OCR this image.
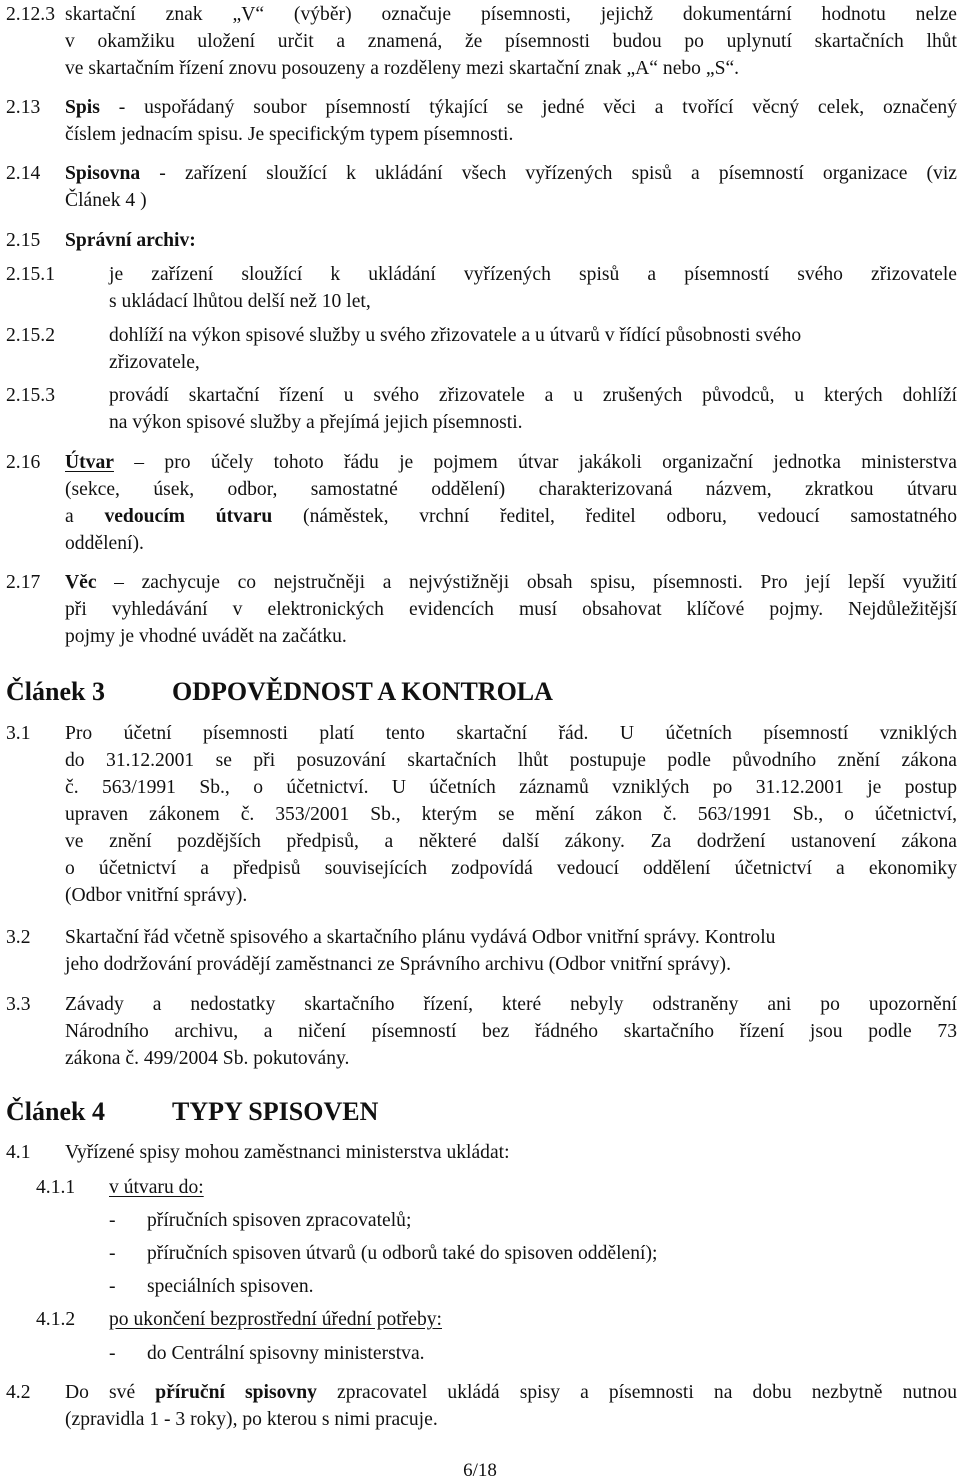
2.12.3 skartační znak „V“ (výběr) označuje písemnosti, jejichž dokumentární hodnotu nelze
v okamžiku uložení určit a znamená, že písemnosti budou po uplynutí skartačních lhůt
ve skartačním řízení znovu posouzeny a rozděleny mezi skartační znak „A“ nebo „S“.
2.13 Spis - uspořádaný soubor písemností týkající se jedné věci a tvořící věcný celek, označený
číslem jednacím spisu. Je specifickým typem písemnosti.
2.14 Spisovna - zařízení sloužící k ukládání všech vyřízených spisů a písemností organizace (viz
Článek 4 )
2.15 Správní archiv:
2.15.1	je zařízení sloužící k ukládání vyřízených spisů a písemností svého zřizovatele
s ukládací lhůtou delší než 10 let,
2.15.2	dohlíží na výkon spisové služby u svého zřizovatele a u útvarů v řídící působnosti svého
zřizovatele,
2.15.3	provádí skartační řízení u svého zřizovatele a u zrušených původců, u kterých dohlíží
na výkon spisové služby a přejímá jejich písemnosti.
2.16 Útvar – pro účely tohoto řádu je pojmem útvar jakákoli organizační jednotka ministerstva
(sekce, úsek, odbor, samostatné oddělení) charakterizovaná názvem, zkratkou útvaru
a vedoucím útvaru (náměstek, vrchní ředitel, ředitel odboru, vedoucí samostatného
oddělení).
2.17 Věc – zachycuje co nejstručněji a nejvýstižněji obsah spisu, písemnosti. Pro její lepší využití
při vyhledávání v elektronických evidencích musí obsahovat klíčové pojmy. Nejdůležitější
pojmy je vhodné uvádět na začátku.
Článek 3	ODPOVĚDNOST A KONTROLA
3.1 Pro účetní písemnosti platí tento skartační řád. U účetních písemností vzniklých
do 31.12.2001 se při posuzování skartačních lhůt postupuje podle původního znění zákona
č. 563/1991 Sb., o účetnictví. U účetních záznamů vzniklých po 31.12.2001 je postup
upraven zákonem č. 353/2001 Sb., kterým se mění zákon č. 563/1991 Sb., o účetnictví,
ve znění pozdějších předpisů, a některé další zákony. Za dodržení ustanovení zákona
o účetnictví a předpisů souvisejících zodpovídá vedoucí oddělení účetnictví a ekonomiky
(Odbor vnitřní správy).
3.2 Skartační řád včetně spisového a skartačního plánu vydává Odbor vnitřní správy. Kontrolu
jeho dodržování provádějí zaměstnanci ze Správního archivu (Odbor vnitřní správy).
3.3 Závady a nedostatky skartačního řízení, které nebyly odstraněny ani po upozornění
Národního archivu, a ničení písemností bez řádného skartačního řízení jsou podle 73
zákona č. 499/2004 Sb. pokutovány.
Článek 4	TYPY SPISOVEN
4.1 Vyřízené spisy mohou zaměstnanci ministerstva ukládat:
4.1.1 v útvaru do:
- příručních spisoven zpracovatelů;
- příručních spisoven útvarů (u odborů také do spisoven oddělení);
- speciálních spisoven.
4.1.2 po ukončení bezprostřední úřední potřeby:
- do Centrální spisovny ministerstva.
4.2 Do své příruční spisovny zpracovatel ukládá spisy a písemnosti na dobu nezbytně nutnou
(zpravidla 1 - 3 roky), po kterou s nimi pracuje.
6/18
